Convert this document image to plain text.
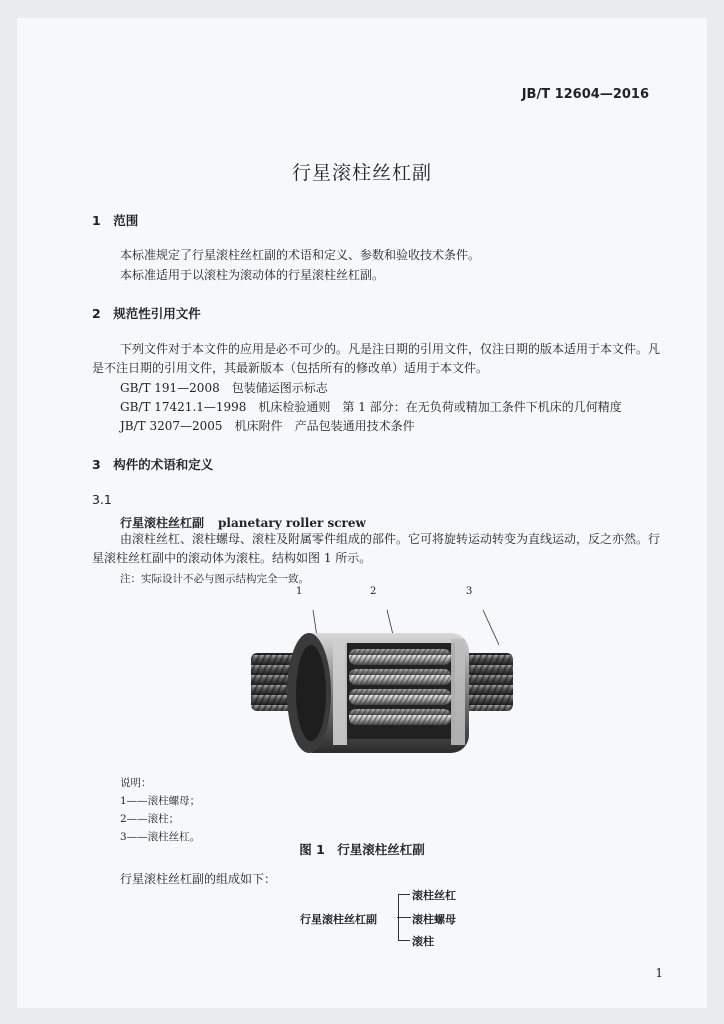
JB/T 12604—2016
行星滚柱丝杠副
1　范围
本标准规定了行星滚柱丝杠副的术语和定义、参数和验收技术条件。
本标准适用于以滚柱为滚动体的行星滚柱丝杠副。
2　规范性引用文件
下列文件对于本文件的应用是必不可少的。凡是注日期的引用文件，仅注日期的版本适用于本文件。凡是不注日期的引用文件，其最新版本（包括所有的修改单）适用于本文件。
GB/T 191—2008　包装储运图示标志
GB/T 17421.1—1998　机床检验通则　第 1 部分：在无负荷或精加工条件下机床的几何精度
JB/T 3207—2005　机床附件　产品包装通用技术条件
3　构件的术语和定义
3.1
行星滚柱丝杠副 planetary roller screw
由滚柱丝杠、滚柱螺母、滚柱及附属零件组成的部件。它可将旋转运动转变为直线运动，反之亦然。行星滚柱丝杠副中的滚动体为滚柱。结构如图 1 所示。
注：实际设计不必与图示结构完全一致。
1	2	3
说明：
1——滚柱螺母；
2——滚柱；
3——滚柱丝杠。
图 1　行星滚柱丝杠副
行星滚柱丝杠副的组成如下：
行星滚柱丝杠副
滚柱丝杠
滚柱螺母
滚柱
1
